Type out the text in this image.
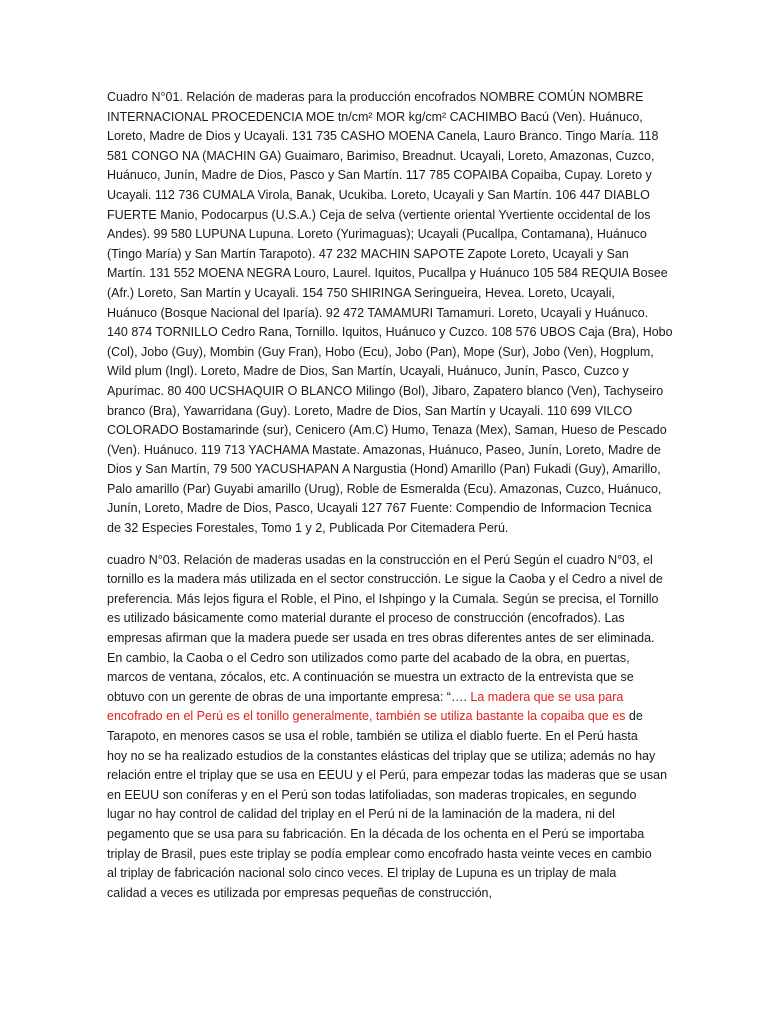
Cuadro N°01. Relación de maderas para la producción encofrados NOMBRE COMÚN NOMBRE
INTERNACIONAL PROCEDENCIA MOE tn/cm² MOR kg/cm² CACHIMBO Bacú (Ven). Huánuco,
Loreto, Madre de Dios y Ucayali. 131 735 CASHO MOENA Canela, Lauro Branco. Tingo María. 118
581 CONGO NA (MACHIN GA) Guaimaro, Barimiso, Breadnut. Ucayali, Loreto, Amazonas, Cuzco,
Huánuco, Junín, Madre de Dios, Pasco y San Martín. 117 785 COPAIBA Copaiba, Cupay. Loreto y
Ucayali. 112 736 CUMALA Virola, Banak, Ucukiba. Loreto, Ucayali y San Martín. 106 447 DIABLO
FUERTE Manio, Podocarpus (U.S.A.) Ceja de selva (vertiente oriental Yvertiente occidental de los
Andes). 99 580 LUPUNA Lupuna. Loreto (Yurimaguas); Ucayali (Pucallpa, Contamana), Huánuco
(Tingo María) y San Martín Tarapoto). 47 232 MACHIN SAPOTE Zapote Loreto, Ucayali y San
Martín. 131 552 MOENA NEGRA Louro, Laurel. Iquitos, Pucallpa y Huánuco 105 584 REQUIA Bosee
(Afr.) Loreto, San Martín y Ucayali. 154 750 SHIRINGA Seringueira, Hevea. Loreto, Ucayali,
Huánuco (Bosque Nacional del Iparía). 92 472 TAMAMURI Tamamuri. Loreto, Ucayali y Huánuco.
140 874 TORNILLO Cedro Rana, Tornillo. Iquitos, Huánuco y Cuzco. 108 576 UBOS Caja (Bra), Hobo
(Col), Jobo (Guy), Mombin (Guy Fran), Hobo (Ecu), Jobo (Pan), Mope (Sur), Jobo (Ven), Hogplum,
Wild plum (Ingl). Loreto, Madre de Dios, San Martín, Ucayali, Huánuco, Junín, Pasco, Cuzco y
Apurímac. 80 400 UCSHAQUIR O BLANCO Milingo (Bol), Jibaro, Zapatero blanco (Ven), Tachyseiro
branco (Bra), Yawarridana (Guy). Loreto, Madre de Dios, San Martín y Ucayali. 110 699 VILCO
COLORADO Bostamarinde (sur), Cenicero (Am.C) Humo, Tenaza (Mex), Saman, Hueso de Pescado
(Ven). Huánuco. 119 713 YACHAMA Mastate. Amazonas, Huánuco, Paseo, Junín, Loreto, Madre de
Dios y San Martín, 79 500 YACUSHAPAN A Nargustia (Hond) Amarillo (Pan) Fukadi (Guy), Amarillo,
Palo amarillo (Par) Guyabi amarillo (Urug), Roble de Esmeralda (Ecu). Amazonas, Cuzco, Huánuco,
Junín, Loreto, Madre de Dios, Pasco, Ucayali 127 767 Fuente: Compendio de Informacion Tecnica
de 32 Especies Forestales, Tomo 1 y 2, Publicada Por Citemadera Perú.
cuadro N°03. Relación de maderas usadas en la construcción en el Perú Según el cuadro N°03, el
tornillo es la madera más utilizada en el sector construcción. Le sigue la Caoba y el Cedro a nivel de
preferencia. Más lejos figura el Roble, el Pino, el Ishpingo y la Cumala. Según se precisa, el Tornillo
es utilizado básicamente como material durante el proceso de construcción (encofrados). Las
empresas afirman que la madera puede ser usada en tres obras diferentes antes de ser eliminada.
En cambio, la Caoba o el Cedro son utilizados como parte del acabado de la obra, en puertas,
marcos de ventana, zócalos, etc. A continuación se muestra un extracto de la entrevista que se
obtuvo con un gerente de obras de una importante empresa: “…. La madera que se usa para
encofrado en el Perú es el tonillo generalmente, también se utiliza bastante la copaiba que es de
Tarapoto, en menores casos se usa el roble, también se utiliza el diablo fuerte. En el Perú hasta
hoy no se ha realizado estudios de la constantes elásticas del triplay que se utiliza; además no hay
relación entre el triplay que se usa en EEUU y el Perú, para empezar todas las maderas que se usan
en EEUU son coníferas y en el Perú son todas latifoliadas, son maderas tropicales, en segundo
lugar no hay control de calidad del triplay en el Perú ni de la laminación de la madera, ni del
pegamento que se usa para su fabricación. En la década de los ochenta en el Perú se importaba
triplay de Brasil, pues este triplay se podía emplear como encofrado hasta veinte veces en cambio
al triplay de fabricación nacional solo cinco veces. El triplay de Lupuna es un triplay de mala
calidad a veces es utilizada por empresas pequeñas de construcción,
